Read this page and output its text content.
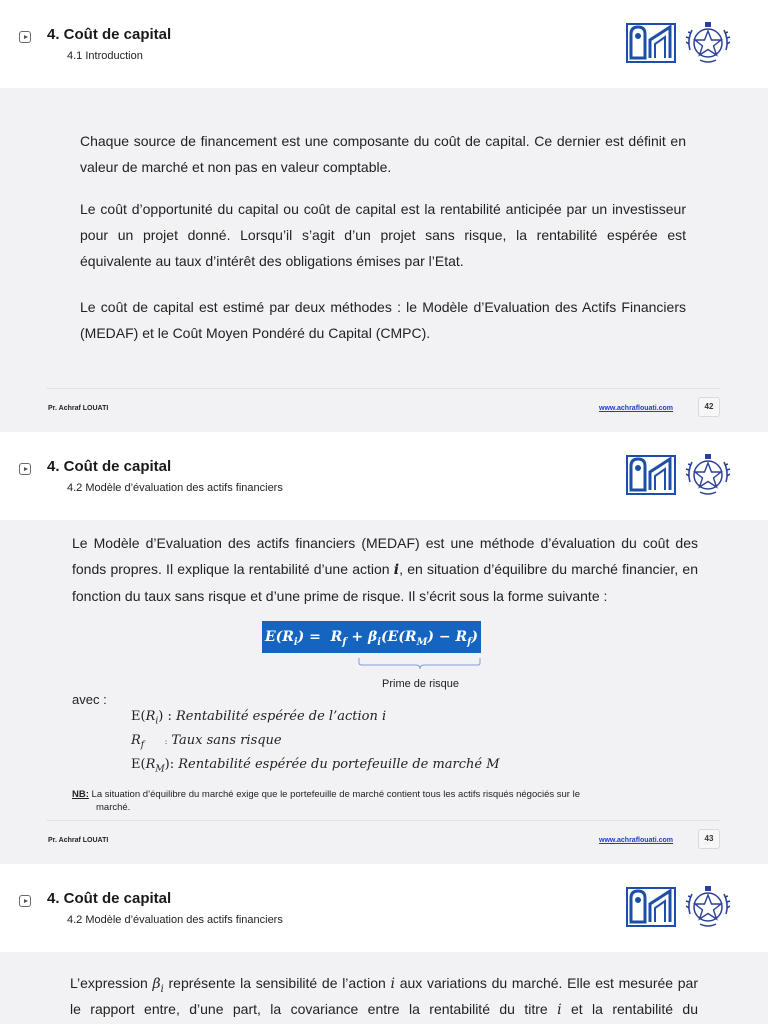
4. Coût de capital
4.1 Introduction
Chaque source de financement est une composante du coût de capital. Ce dernier est définit en valeur de marché et non pas en valeur comptable.
Le coût d’opportunité du capital ou coût de capital est la rentabilité anticipée par un investisseur pour un projet donné. Lorsqu’il s’agit d’un projet sans risque, la rentabilité espérée est équivalente au taux d’intérêt des obligations émises par l’Etat.
Le coût de capital est estimé par deux méthodes : le Modèle d’Evaluation des Actifs Financiers (MEDAF) et le Coût Moyen Pondéré du Capital (CMPC).
Pr. Achraf LOUATI	www.achraflouati.com	42
4. Coût de capital
4.2 Modèle d’évaluation des actifs financiers
Le Modèle d’Evaluation des actifs financiers (MEDAF) est une méthode d’évaluation du coût des fonds propres. Il explique la rentabilité d’une action i, en situation d’équilibre du marché financier, en fonction du taux sans risque et d’une prime de risque. Il s’écrit sous la forme suivante :
$E(R_i) = R_f + \beta_i(E(R_M) - R_f)$
Prime de risque
avec :
$E(R_i)$ : Rentabilité espérée de l’action i
$R_f$	: Taux sans risque
$E(R_M)$: Rentabilité espérée du portefeuille de marché M
NB: La situation d’équilibre du marché exige que le portefeuille de marché contient tous les actifs risqués négociés sur le
marché.
Pr. Achraf LOUATI	www.achraflouati.com	43
4. Coût de capital
4.2 Modèle d’évaluation des actifs financiers
L’expression $\beta_i$ représente la sensibilité de l’action i aux variations du marché. Elle est mesurée par
le rapport entre, d’une part, la covariance entre la rentabilité du titre i et la rentabilité du
